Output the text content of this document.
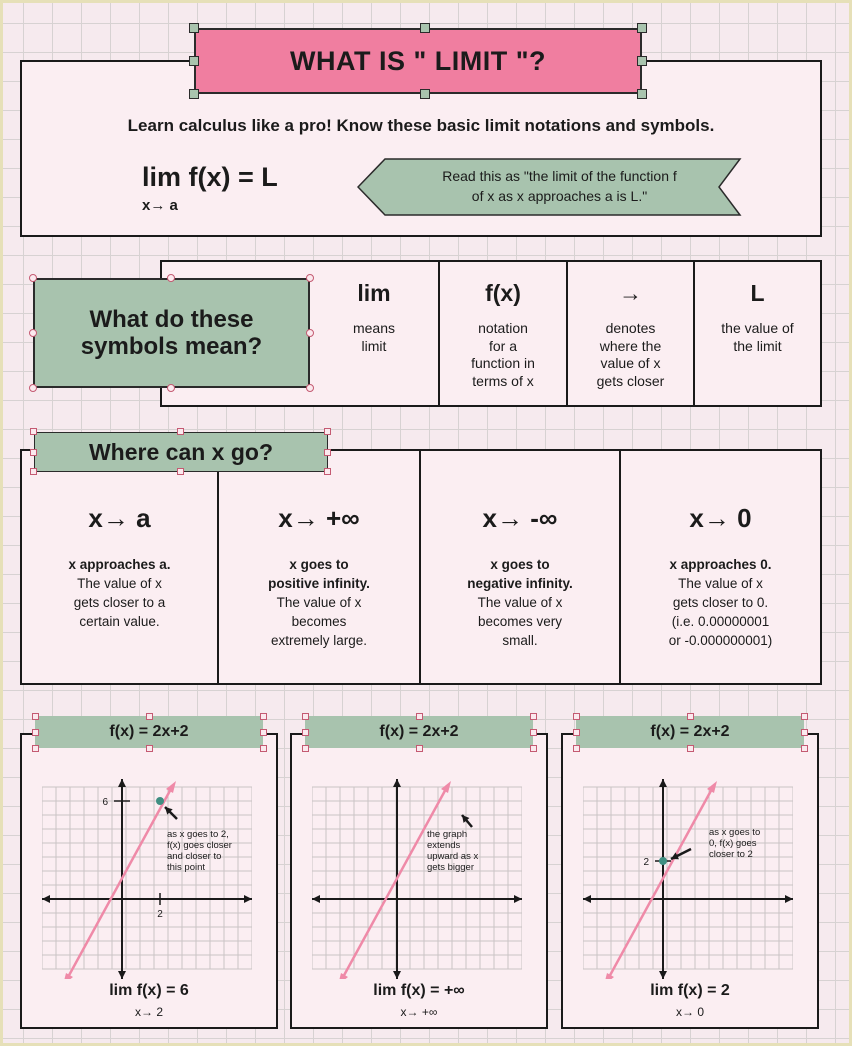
Learn calculus like a pro! Know these basic limit notations and symbols.
lim f(x) = L
x→ a
Read this as "the limit of the function f
of x as x approaches a is L."
WHAT IS " LIMIT "?
lim
means
limit
f(x)
notation
for a
function in
terms of x
→
denotes
where the
value of x
gets closer
L
the value of
the limit
What do these
symbols mean?
x→ a
x approaches a.
The value of x
gets closer to a
certain value.
x→ +∞
x goes to
positive infinity.
The value of x
becomes
extremely large.
x→ -∞
x goes to
negative infinity.
The value of x
becomes very
small.
x→ 0
x approaches 0.
The value of x
gets closer to 0.
(i.e. 0.00000001
or -0.000000001)
Where can x go?
6
2
as x goes to 2,
f(x) goes closer
and closer to
this point
lim f(x) = 6
x→ 2
the graph
extends
upward as x
gets bigger
lim f(x) = +∞
x→ +∞
2
as x goes to
0, f(x) goes
closer to 2
lim f(x) = 2
x→ 0
f(x) = 2x+2	f(x) = 2x+2	f(x) = 2x+2
